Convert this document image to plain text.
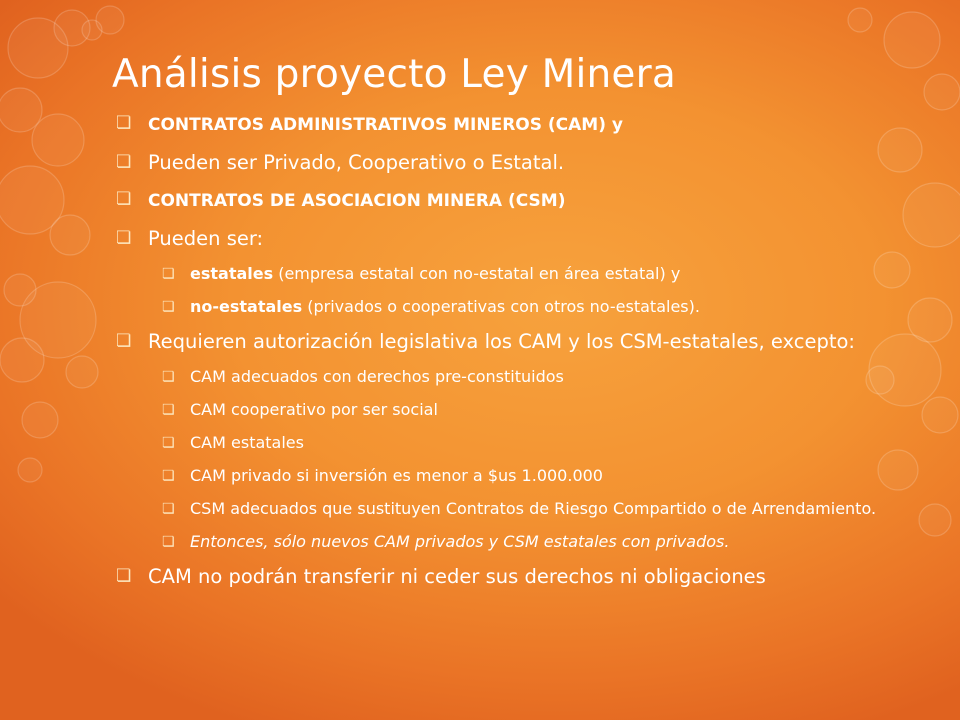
Análisis proyecto Ley Minera
❏ CONTRATOS ADMINISTRATIVOS MINEROS (CAM) y
❏ Pueden ser Privado, Cooperativo o Estatal.
❏ CONTRATOS DE ASOCIACION MINERA (CSM)
❏ Pueden ser:
❏ estatales (empresa estatal con no-estatal en área estatal) y
❏ no-estatales (privados o cooperativas con otros no-estatales).
❏ Requieren autorización legislativa los CAM y los CSM-estatales, excepto:
❏ CAM adecuados con derechos pre-constituidos
❏ CAM cooperativo por ser social
❏ CAM estatales
❏ CAM privado si inversión es menor a $us 1.000.000
❏ CSM adecuados que sustituyen Contratos de Riesgo Compartido o de Arrendamiento.
❏ Entonces, sólo nuevos CAM privados y CSM estatales con privados.
❏ CAM no podrán transferir ni ceder sus derechos ni obligaciones
